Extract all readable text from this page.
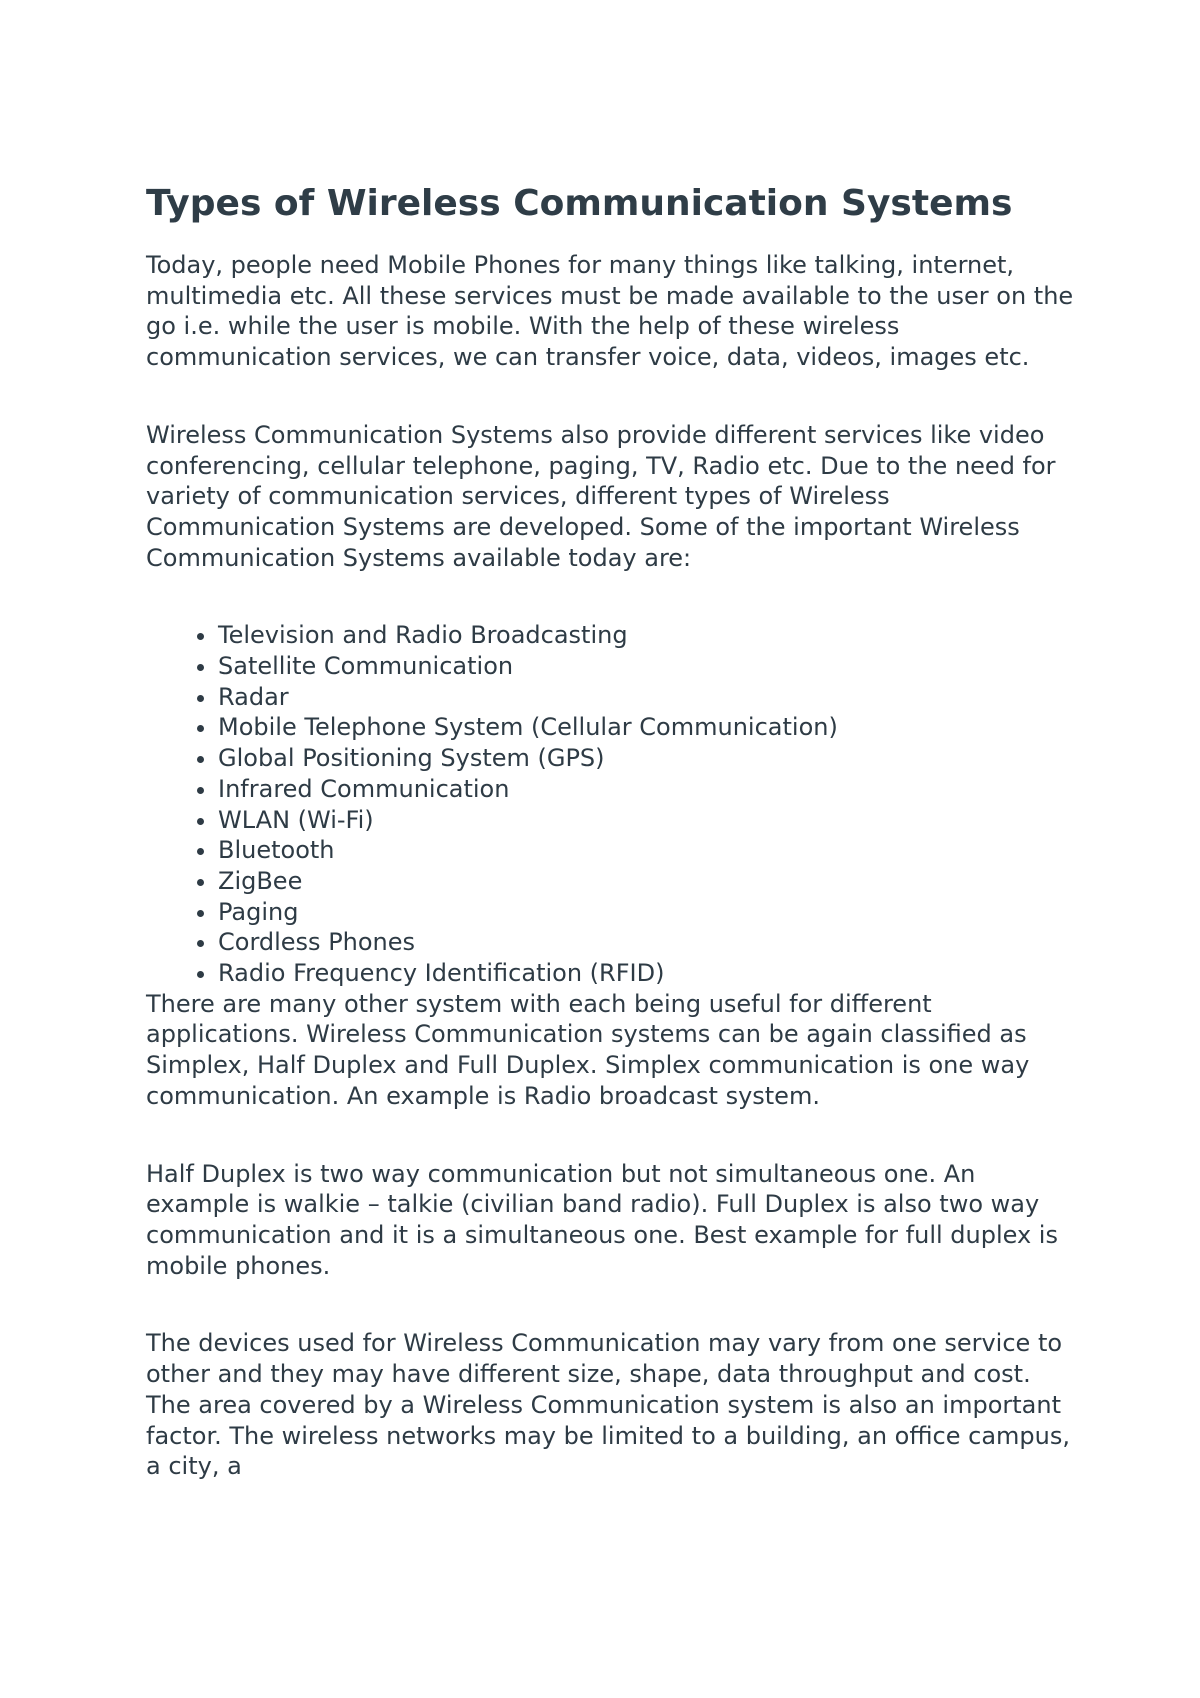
Types of Wireless Communication Systems

Today, people need Mobile Phones for many things like talking, internet, multimedia etc. All these services must be made available to the user on the go i.e. while the user is mobile. With the help of these wireless communication services, we can transfer voice, data, videos, images etc.

Wireless Communication Systems also provide different services like video conferencing, cellular telephone, paging, TV, Radio etc. Due to the need for variety of communication services, different types of Wireless Communication Systems are developed. Some of the important Wireless Communication Systems available today are:

• Television and Radio Broadcasting
• Satellite Communication
• Radar
• Mobile Telephone System (Cellular Communication)
• Global Positioning System (GPS)
• Infrared Communication
• WLAN (Wi-Fi)
• Bluetooth
• ZigBee
• Paging
• Cordless Phones
• Radio Frequency Identification (RFID)

There are many other system with each being useful for different applications. Wireless Communication systems can be again classified as Simplex, Half Duplex and Full Duplex. Simplex communication is one way communication. An example is Radio broadcast system.

Half Duplex is two way communication but not simultaneous one. An example is walkie – talkie (civilian band radio). Full Duplex is also two way communication and it is a simultaneous one. Best example for full duplex is mobile phones.

The devices used for Wireless Communication may vary from one service to other and they may have different size, shape, data throughput and cost. The area covered by a Wireless Communication system is also an important factor. The wireless networks may be limited to a building, an office campus, a city, a
